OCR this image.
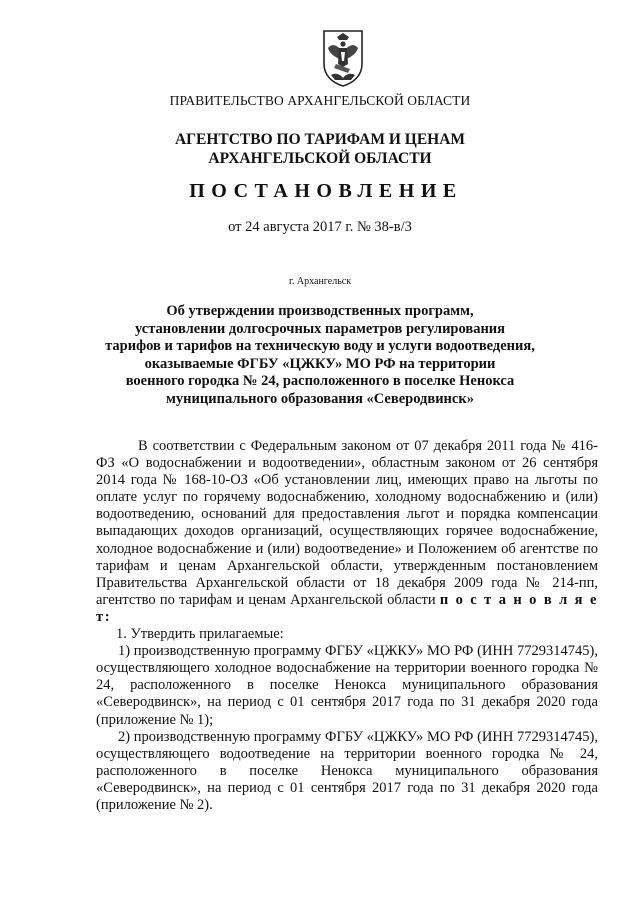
ПРАВИТЕЛЬСТВО АРХАНГЕЛЬСКОЙ ОБЛАСТИ
АГЕНТСТВО ПО ТАРИФАМ И ЦЕНАМ
АРХАНГЕЛЬСКОЙ ОБЛАСТИ
ПОСТАНОВЛЕНИЕ
от 24 августа 2017 г. № 38-в/3
г. Архангельск
Об утверждении производственных программ,
установлении долгосрочных параметров регулирования
тарифов и тарифов на техническую воду и услуги водоотведения,
оказываемые ФГБУ «ЦЖКУ» МО РФ на территории
военного городка № 24, расположенного в поселке Ненокса
муниципального образования «Северодвинск»

В соответствии с Федеральным законом от 07 декабря 2011 года № 416-ФЗ «О водоснабжении и водоотведении», областным законом от 26 сентября 2014 года № 168-10-ОЗ «Об установлении лиц, имеющих право на льготы по оплате услуг по горячему водоснабжению, холодному водоснабжению и (или) водоотведению, оснований для предоставления льгот и порядка компенсации выпадающих доходов организаций, осуществляющих горячее водоснабжение, холодное водоснабжение и (или) водоотведение» и Положением об агентстве по тарифам и ценам Архангельской области, утвержденным постановлением Правительства Архангельской области от 18 декабря 2009 года № 214-пп, агентство по тарифам и ценам Архангельской области п о с т а н о в л я е т:

1. Утвердить прилагаемые:

1) производственную программу ФГБУ «ЦЖКУ» МО РФ (ИНН 7729314745), осуществляющего холодное водоснабжение на территории военного городка № 24, расположенного в поселке Ненокса муниципального образования «Северодвинск», на период с 01 сентября 2017 года по 31 декабря 2020 года (приложение № 1);

2) производственную программу ФГБУ «ЦЖКУ» МО РФ (ИНН 7729314745), осуществляющего водоотведение на территории военного городка № 24, расположенного в поселке Ненокса муниципального образования «Северодвинск», на период с 01 сентября 2017 года по 31 декабря 2020 года (приложение № 2).
